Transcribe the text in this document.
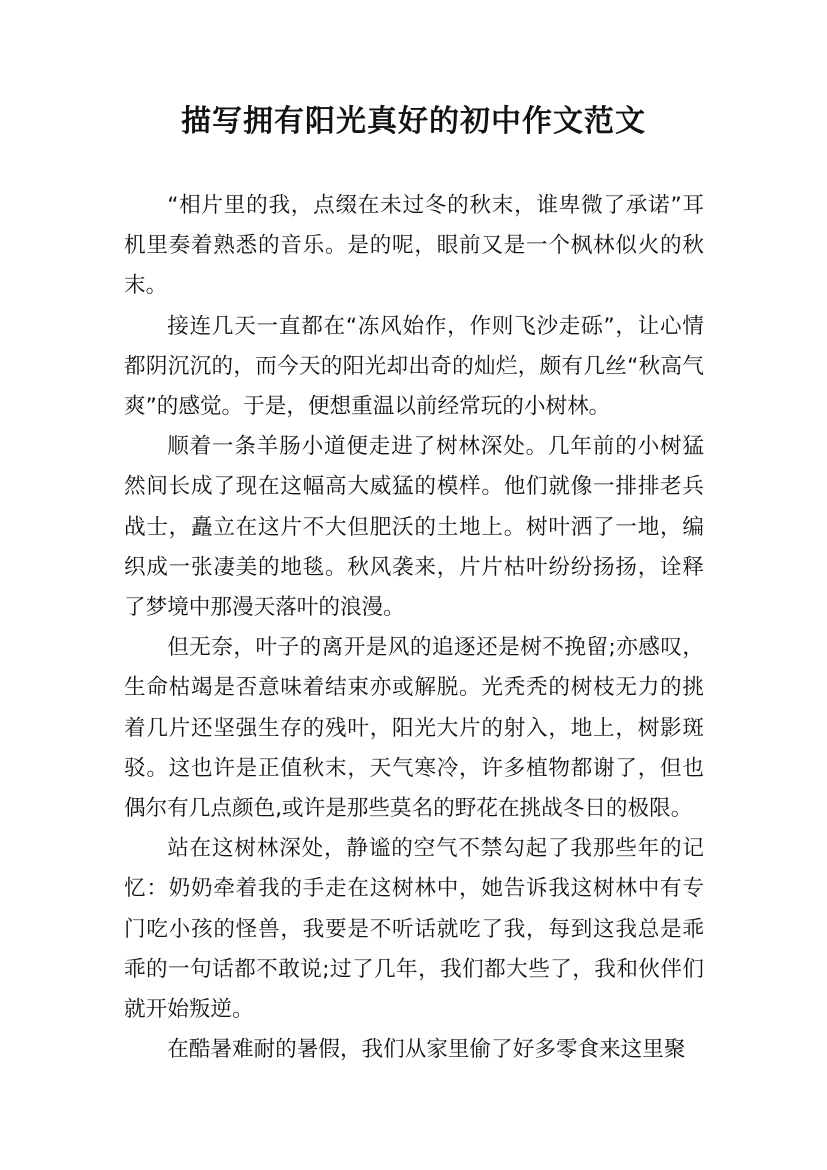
描写拥有阳光真好的初中作文范文

“相片里的我，点缀在未过冬的秋末，谁卑微了承诺”耳机里奏着熟悉的音乐。是的呢，眼前又是一个枫林似火的秋末。

接连几天一直都在“冻风始作，作则飞沙走砾”，让心情都阴沉沉的，而今天的阳光却出奇的灿烂，颇有几丝“秋高气爽”的感觉。于是，便想重温以前经常玩的小树林。

顺着一条羊肠小道便走进了树林深处。几年前的小树猛然间长成了现在这幅高大威猛的模样。他们就像一排排老兵战士，矗立在这片不大但肥沃的土地上。树叶洒了一地，编织成一张凄美的地毯。秋风袭来，片片枯叶纷纷扬扬，诠释了梦境中那漫天落叶的浪漫。

但无奈，叶子的离开是风的追逐还是树不挽留;亦感叹，生命枯竭是否意味着结束亦或解脱。光秃秃的树枝无力的挑着几片还坚强生存的残叶，阳光大片的射入，地上，树影斑驳。这也许是正值秋末，天气寒冷，许多植物都谢了，但也偶尔有几点颜色,或许是那些莫名的野花在挑战冬日的极限。

站在这树林深处，静谧的空气不禁勾起了我那些年的记忆：奶奶牵着我的手走在这树林中，她告诉我这树林中有专门吃小孩的怪兽，我要是不听话就吃了我，每到这我总是乖乖的一句话都不敢说;过了几年，我们都大些了，我和伙伴们就开始叛逆。

在酷暑难耐的暑假，我们从家里偷了好多零食来这里聚
